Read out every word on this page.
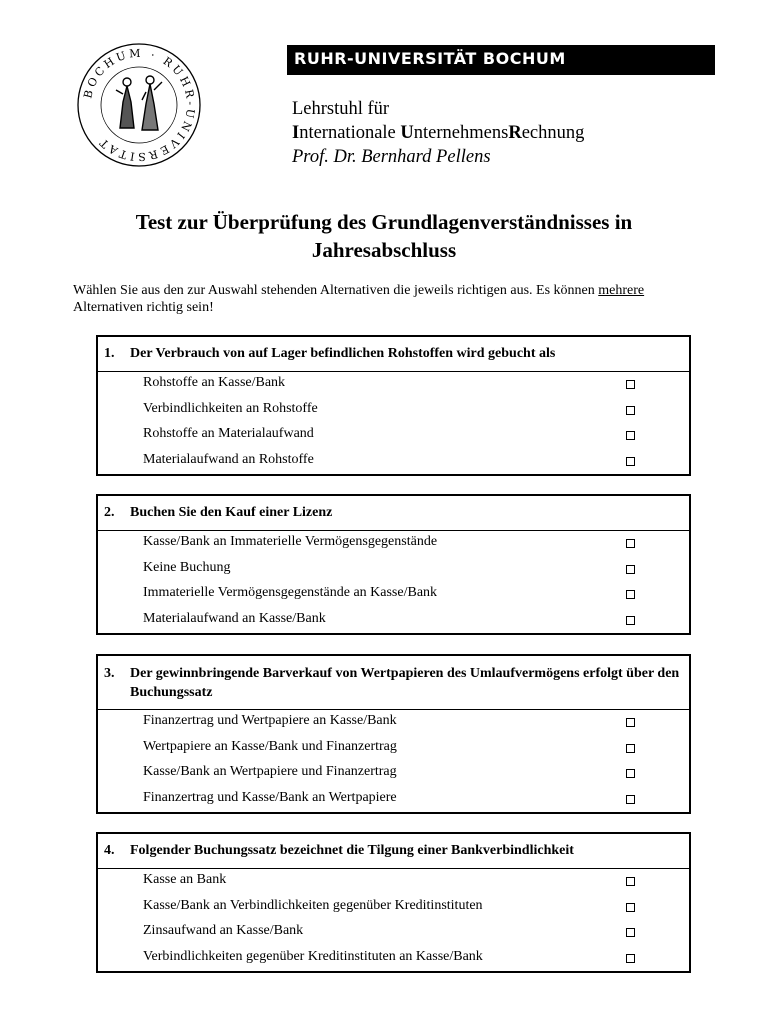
BOCHUM · RUHR-UNIVERSITAT
RUHR-UNIVERSITÄT BOCHUM
Lehrstuhl für
Internationale UnternehmensRechnung
Prof. Dr. Bernhard Pellens
Test zur Überprüfung des Grundlagenverständnisses in
Jahresabschluss
Wählen Sie aus den zur Auswahl stehenden Alternativen die jeweils richtigen aus. Es können mehrere Alternativen richtig sein!
1.	Der Verbrauch von auf Lager befindlichen Rohstoffen wird gebucht als
Rohstoffe an Kasse/Bank
Verbindlichkeiten an Rohstoffe
Rohstoffe an Materialaufwand
Materialaufwand an Rohstoffe
2.	Buchen Sie den Kauf einer Lizenz
Kasse/Bank an Immaterielle Vermögensgegenstände
Keine Buchung
Immaterielle Vermögensgegenstände an Kasse/Bank
Materialaufwand an Kasse/Bank
3.	Der gewinnbringende Barverkauf von Wertpapieren des Umlaufvermögens erfolgt über den Buchungssatz
Finanzertrag und Wertpapiere an Kasse/Bank
Wertpapiere an Kasse/Bank und Finanzertrag
Kasse/Bank an Wertpapiere und Finanzertrag
Finanzertrag und Kasse/Bank an Wertpapiere
4.	Folgender Buchungssatz bezeichnet die Tilgung einer Bankverbindlichkeit
Kasse an Bank
Kasse/Bank an Verbindlichkeiten gegenüber Kreditinstituten
Zinsaufwand an Kasse/Bank
Verbindlichkeiten gegenüber Kreditinstituten an Kasse/Bank
